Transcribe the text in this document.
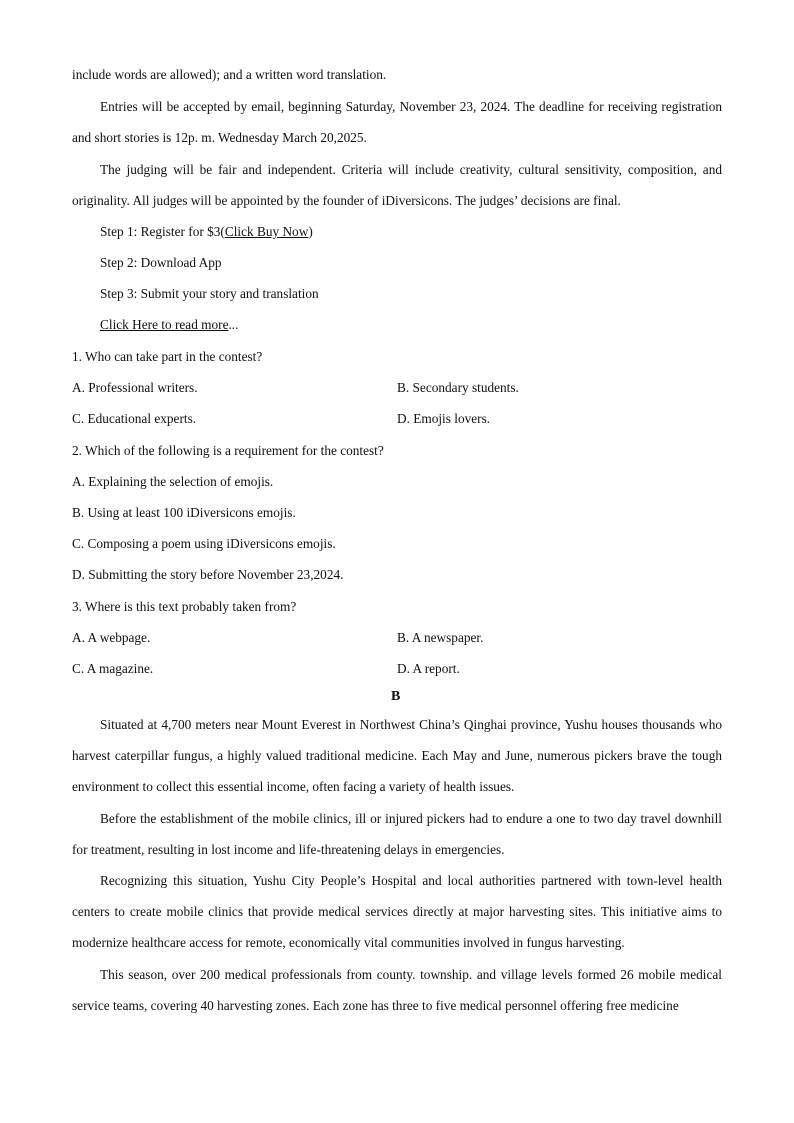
include words are allowed); and a written word translation.

Entries will be accepted by email, beginning Saturday, November 23, 2024. The deadline for receiving registration and short stories is 12p. m. Wednesday March 20,2025.

The judging will be fair and independent. Criteria will include creativity, cultural sensitivity, composition, and originality. All judges will be appointed by the founder of iDiversicons. The judges’ decisions are final.

Step 1: Register for $3(Click Buy Now)
Step 2: Download App
Step 3: Submit your story and translation
Click Here to read more...
1. Who can take part in the contest?
A. Professional writers.	B. Secondary students.
C. Educational experts.	D. Emojis lovers.
2. Which of the following is a requirement for the contest?
A. Explaining the selection of emojis.
B. Using at least 100 iDiversicons emojis.
C. Composing a poem using iDiversicons emojis.
D. Submitting the story before November 23,2024.
3. Where is this text probably taken from?
A. A webpage.	B. A newspaper.
C. A magazine.	D. A report.
B

Situated at 4,700 meters near Mount Everest in Northwest China’s Qinghai province, Yushu houses thousands who harvest caterpillar fungus, a highly valued traditional medicine. Each May and June, numerous pickers brave the tough environment to collect this essential income, often facing a variety of health issues.

Before the establishment of the mobile clinics, ill or injured pickers had to endure a one to two day travel downhill for treatment, resulting in lost income and life-threatening delays in emergencies.

Recognizing this situation, Yushu City People’s Hospital and local authorities partnered with town-level health centers to create mobile clinics that provide medical services directly at major harvesting sites. This initiative aims to modernize healthcare access for remote, economically vital communities involved in fungus harvesting.

This season, over 200 medical professionals from county. township. and village levels formed 26 mobile medical service teams, covering 40 harvesting zones. Each zone has three to five medical personnel offering free medicine
